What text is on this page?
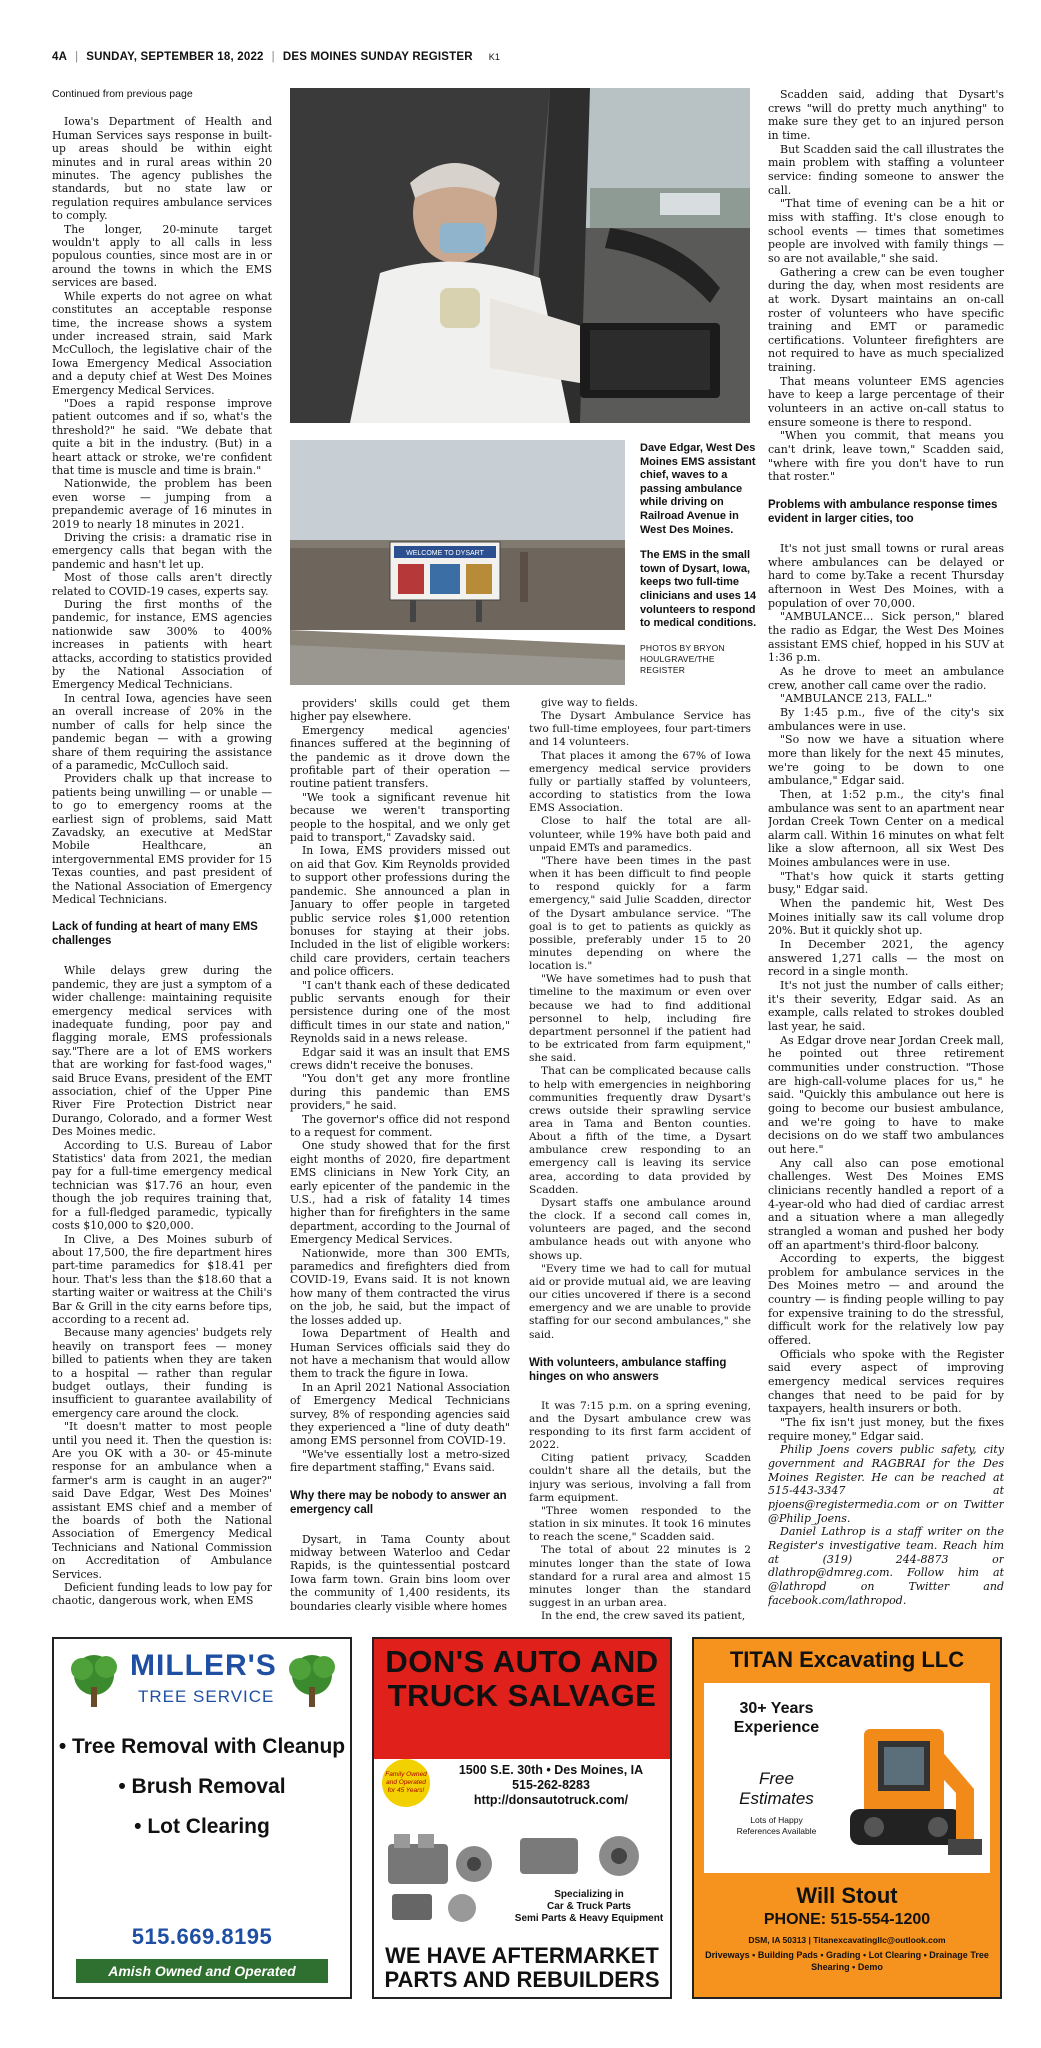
4A | SUNDAY, SEPTEMBER 18, 2022 | DES MOINES SUNDAY REGISTER K1

Continued from previous page

Iowa's Department of Health and Human Services says response in built-up areas should be within eight minutes and in rural areas within 20 minutes. The agency publishes the standards, but no state law or regulation requires ambulance services to comply.

The longer, 20-minute target wouldn't apply to all calls in less populous counties, since most are in or around the towns in which the EMS services are based.

While experts do not agree on what constitutes an acceptable response time, the increase shows a system under increased strain, said Mark McCulloch, the legislative chair of the Iowa Emergency Medical Association and a deputy chief at West Des Moines Emergency Medical Services.

"Does a rapid response improve patient outcomes and if so, what's the threshold?" he said. "We debate that quite a bit in the industry. (But) in a heart attack or stroke, we're confident that time is muscle and time is brain."

Nationwide, the problem has been even worse — jumping from a prepandemic average of 16 minutes in 2019 to nearly 18 minutes in 2021.

Driving the crisis: a dramatic rise in emergency calls that began with the pandemic and hasn't let up.

Most of those calls aren't directly related to COVID-19 cases, experts say.

During the first months of the pandemic, for instance, EMS agencies nationwide saw 300% to 400% increases in patients with heart attacks, according to statistics provided by the National Association of Emergency Medical Technicians.

In central Iowa, agencies have seen an overall increase of 20% in the number of calls for help since the pandemic began — with a growing share of them requiring the assistance of a paramedic, McCulloch said.

Providers chalk up that increase to patients being unwilling — or unable — to go to emergency rooms at the earliest sign of problems, said Matt Zavadsky, an executive at MedStar Mobile Healthcare, an intergovernmental EMS provider for 15 Texas counties, and past president of the National Association of Emergency Medical Technicians.

Lack of funding at heart of many EMS challenges

While delays grew during the pandemic, they are just a symptom of a wider challenge: maintaining requisite emergency medical services with inadequate funding, poor pay and flagging morale, EMS professionals say."There are a lot of EMS workers that are working for fast-food wages," said Bruce Evans, president of the EMT association, chief of the Upper Pine River Fire Protection District near Durango, Colorado, and a former West Des Moines medic.

According to U.S. Bureau of Labor Statistics' data from 2021, the median pay for a full-time emergency medical technician was $17.76 an hour, even though the job requires training that, for a full-fledged paramedic, typically costs $10,000 to $20,000.

In Clive, a Des Moines suburb of about 17,500, the fire department hires part-time paramedics for $18.41 per hour. That's less than the $18.60 that a starting waiter or waitress at the Chili's Bar & Grill in the city earns before tips, according to a recent ad.

Because many agencies' budgets rely heavily on transport fees — money billed to patients when they are taken to a hospital — rather than regular budget outlays, their funding is insufficient to guarantee availability of emergency care around the clock.

"It doesn't matter to most people until you need it. Then the question is: Are you OK with a 30- or 45-minute response for an ambulance when a farmer's arm is caught in an auger?" said Dave Edgar, West Des Moines' assistant EMS chief and a member of the boards of both the National Association of Emergency Medical Technicians and National Commission on Accreditation of Ambulance Services.

Deficient funding leads to low pay for chaotic, dangerous work, when EMS

WELCOME TO DYSART

Dave Edgar, West Des Moines EMS assistant chief, waves to a passing ambulance while driving on Railroad Avenue in West Des Moines.

The EMS in the small town of Dysart, Iowa, keeps two full-time clinicians and uses 14 volunteers to respond to medical conditions.

PHOTOS BY BRYON HOULGRAVE/THE REGISTER

providers' skills could get them higher pay elsewhere.

Emergency medical agencies' finances suffered at the beginning of the pandemic as it drove down the profitable part of their operation — routine patient transfers.

"We took a significant revenue hit because we weren't transporting people to the hospital, and we only get paid to transport," Zavadsky said.

In Iowa, EMS providers missed out on aid that Gov. Kim Reynolds provided to support other professions during the pandemic. She announced a plan in January to offer people in targeted public service roles $1,000 retention bonuses for staying at their jobs. Included in the list of eligible workers: child care providers, certain teachers and police officers.

"I can't thank each of these dedicated public servants enough for their persistence during one of the most difficult times in our state and nation," Reynolds said in a news release.

Edgar said it was an insult that EMS crews didn't receive the bonuses.

"You don't get any more frontline during this pandemic than EMS providers," he said.

The governor's office did not respond to a request for comment.

One study showed that for the first eight months of 2020, fire department EMS clinicians in New York City, an early epicenter of the pandemic in the U.S., had a risk of fatality 14 times higher than for firefighters in the same department, according to the Journal of Emergency Medical Services.

Nationwide, more than 300 EMTs, paramedics and firefighters died from COVID-19, Evans said. It is not known how many of them contracted the virus on the job, he said, but the impact of the losses added up.

Iowa Department of Health and Human Services officials said they do not have a mechanism that would allow them to track the figure in Iowa.

In an April 2021 National Association of Emergency Medical Technicians survey, 8% of responding agencies said they experienced a "line of duty death" among EMS personnel from COVID-19.

"We've essentially lost a metro-sized fire department staffing," Evans said.

Why there may be nobody to answer an emergency call

Dysart, in Tama County about midway between Waterloo and Cedar Rapids, is the quintessential postcard Iowa farm town. Grain bins loom over the community of 1,400 residents, its boundaries clearly visible where homes

give way to fields.

The Dysart Ambulance Service has two full-time employees, four part-timers and 14 volunteers.

That places it among the 67% of Iowa emergency medical service providers fully or partially staffed by volunteers, according to statistics from the Iowa EMS Association.

Close to half the total are all-volunteer, while 19% have both paid and unpaid EMTs and paramedics.

"There have been times in the past when it has been difficult to find people to respond quickly for a farm emergency," said Julie Scadden, director of the Dysart ambulance service. "The goal is to get to patients as quickly as possible, preferably under 15 to 20 minutes depending on where the location is."

"We have sometimes had to push that timeline to the maximum or even over because we had to find additional personnel to help, including fire department personnel if the patient had to be extricated from farm equipment," she said.

That can be complicated because calls to help with emergencies in neighboring communities frequently draw Dysart's crews outside their sprawling service area in Tama and Benton counties. About a fifth of the time, a Dysart ambulance crew responding to an emergency call is leaving its service area, according to data provided by Scadden.

Dysart staffs one ambulance around the clock. If a second call comes in, volunteers are paged, and the second ambulance heads out with anyone who shows up.

"Every time we had to call for mutual aid or provide mutual aid, we are leaving our cities uncovered if there is a second emergency and we are unable to provide staffing for our second ambulances," she said.

With volunteers, ambulance staffing hinges on who answers

It was 7:15 p.m. on a spring evening, and the Dysart ambulance crew was responding to its first farm accident of 2022.

Citing patient privacy, Scadden couldn't share all the details, but the injury was serious, involving a fall from farm equipment.

"Three women responded to the station in six minutes. It took 16 minutes to reach the scene," Scadden said.

The total of about 22 minutes is 2 minutes longer than the state of Iowa standard for a rural area and almost 15 minutes longer than the standard suggest in an urban area.

In the end, the crew saved its patient,

Scadden said, adding that Dysart's crews "will do pretty much anything" to make sure they get to an injured person in time.

But Scadden said the call illustrates the main problem with staffing a volunteer service: finding someone to answer the call.

"That time of evening can be a hit or miss with staffing. It's close enough to school events — times that sometimes people are involved with family things — so are not available," she said.

Gathering a crew can be even tougher during the day, when most residents are at work. Dysart maintains an on-call roster of volunteers who have specific training and EMT or paramedic certifications. Volunteer firefighters are not required to have as much specialized training.

That means volunteer EMS agencies have to keep a large percentage of their volunteers in an active on-call status to ensure someone is there to respond.

"When you commit, that means you can't drink, leave town," Scadden said, "where with fire you don't have to run that roster."

Problems with ambulance response times evident in larger cities, too

It's not just small towns or rural areas where ambulances can be delayed or hard to come by.Take a recent Thursday afternoon in West Des Moines, with a population of over 70,000.

"AMBULANCE... Sick person," blared the radio as Edgar, the West Des Moines assistant EMS chief, hopped in his SUV at 1:36 p.m.

As he drove to meet an ambulance crew, another call came over the radio.

"AMBULANCE 213, FALL."

By 1:45 p.m., five of the city's six ambulances were in use.

"So now we have a situation where more than likely for the next 45 minutes, we're going to be down to one ambulance," Edgar said.

Then, at 1:52 p.m., the city's final ambulance was sent to an apartment near Jordan Creek Town Center on a medical alarm call. Within 16 minutes on what felt like a slow afternoon, all six West Des Moines ambulances were in use.

"That's how quick it starts getting busy," Edgar said.

When the pandemic hit, West Des Moines initially saw its call volume drop 20%. But it quickly shot up.

In December 2021, the agency answered 1,271 calls — the most on record in a single month.

It's not just the number of calls either; it's their severity, Edgar said. As an example, calls related to strokes doubled last year, he said.

As Edgar drove near Jordan Creek mall, he pointed out three retirement communities under construction. "Those are high-call-volume places for us," he said. "Quickly this ambulance out here is going to become our busiest ambulance, and we're going to have to make decisions on do we staff two ambulances out here."

Any call also can pose emotional challenges. West Des Moines EMS clinicians recently handled a report of a 4-year-old who had died of cardiac arrest and a situation where a man allegedly strangled a woman and pushed her body off an apartment's third-floor balcony.

According to experts, the biggest problem for ambulance services in the Des Moines metro — and around the country — is finding people willing to pay for expensive training to do the stressful, difficult work for the relatively low pay offered.

Officials who spoke with the Register said every aspect of improving emergency medical services requires changes that need to be paid for by taxpayers, health insurers or both.

"The fix isn't just money, but the fixes require money," Edgar said.

Philip Joens covers public safety, city government and RAGBRAI for the Des Moines Register. He can be reached at 515-443-3347 at pjoens@registermedia.com or on Twitter @Philip_Joens.

Daniel Lathrop is a staff writer on the Register's investigative team. Reach him at (319) 244-8873 or dlathrop@dmreg.com. Follow him at @lathropd on Twitter and facebook.com/lathropod.

MILLER'S
TREE SERVICE
• Tree Removal with Cleanup
• Brush Removal
• Lot Clearing
515.669.8195
Amish Owned and Operated
DON'S AUTO AND
TRUCK SALVAGE
Family Owned and Operated for 45 Years!
1500 S.E. 30th • Des Moines, IA
515-262-8283
http://donsautotruck.com/
Specializing in
Car & Truck Parts
Semi Parts & Heavy Equipment
WE HAVE AFTERMARKET
PARTS AND REBUILDERS
TITAN Excavating LLC
30+ Years
Experience
Free
Estimates
Lots of Happy
References Available
Will Stout
PHONE: 515-554-1200
DSM, IA 50313 | Titanexcavatingllc@outlook.com
Driveways • Building Pads • Grading • Lot Clearing • Drainage Tree Shearing • Demo
